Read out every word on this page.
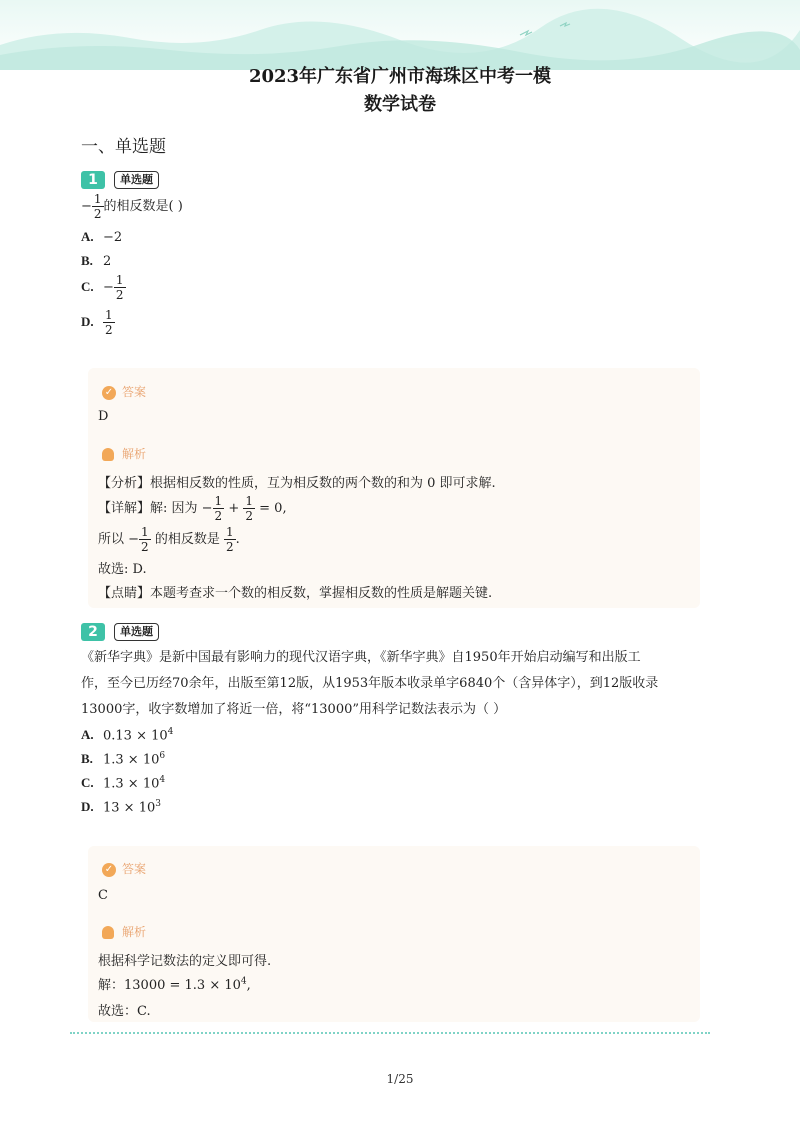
2023年广东省广州市海珠区中考一模
数学试卷
一、单选题
1	单选题
− $\frac{1}{2}$ 的相反数是( )
A. −2
B. 2
C. − $\frac{1}{2}$
D. $\frac{1}{2}$
✓ 答案
D
解析
【分析】根据相反数的性质，互为相反数的两个数的和为 0 即可求解.
【详解】解: 因为 − $\frac{1}{2} + \frac{1}{2} = 0$,
所以 − $\frac{1}{2}$ 的相反数是 $\frac{1}{2}$ .
故选: D.
【点睛】本题考查求一个数的相反数，掌握相反数的性质是解题关键.
2	单选题
《新华字典》是新中国最有影响力的现代汉语字典，《新华字典》自1950年开始启动编写和出版工
作，至今已历经70余年，出版至第12版，从1953年版本收录单字6840个（含异体字），到12版收录
13000字，收字数增加了将近一倍，将“13000”用科学记数法表示为（ ）
A. $0.13 \times 10^4$
B. $1.3 \times 10^6$
C. $1.3 \times 10^4$
D. $13 \times 10^3$
✓ 答案
C
解析
根据科学记数法的定义即可得.
解：$13000 = 1.3 \times 10^4$,
故选：C.
1/25
